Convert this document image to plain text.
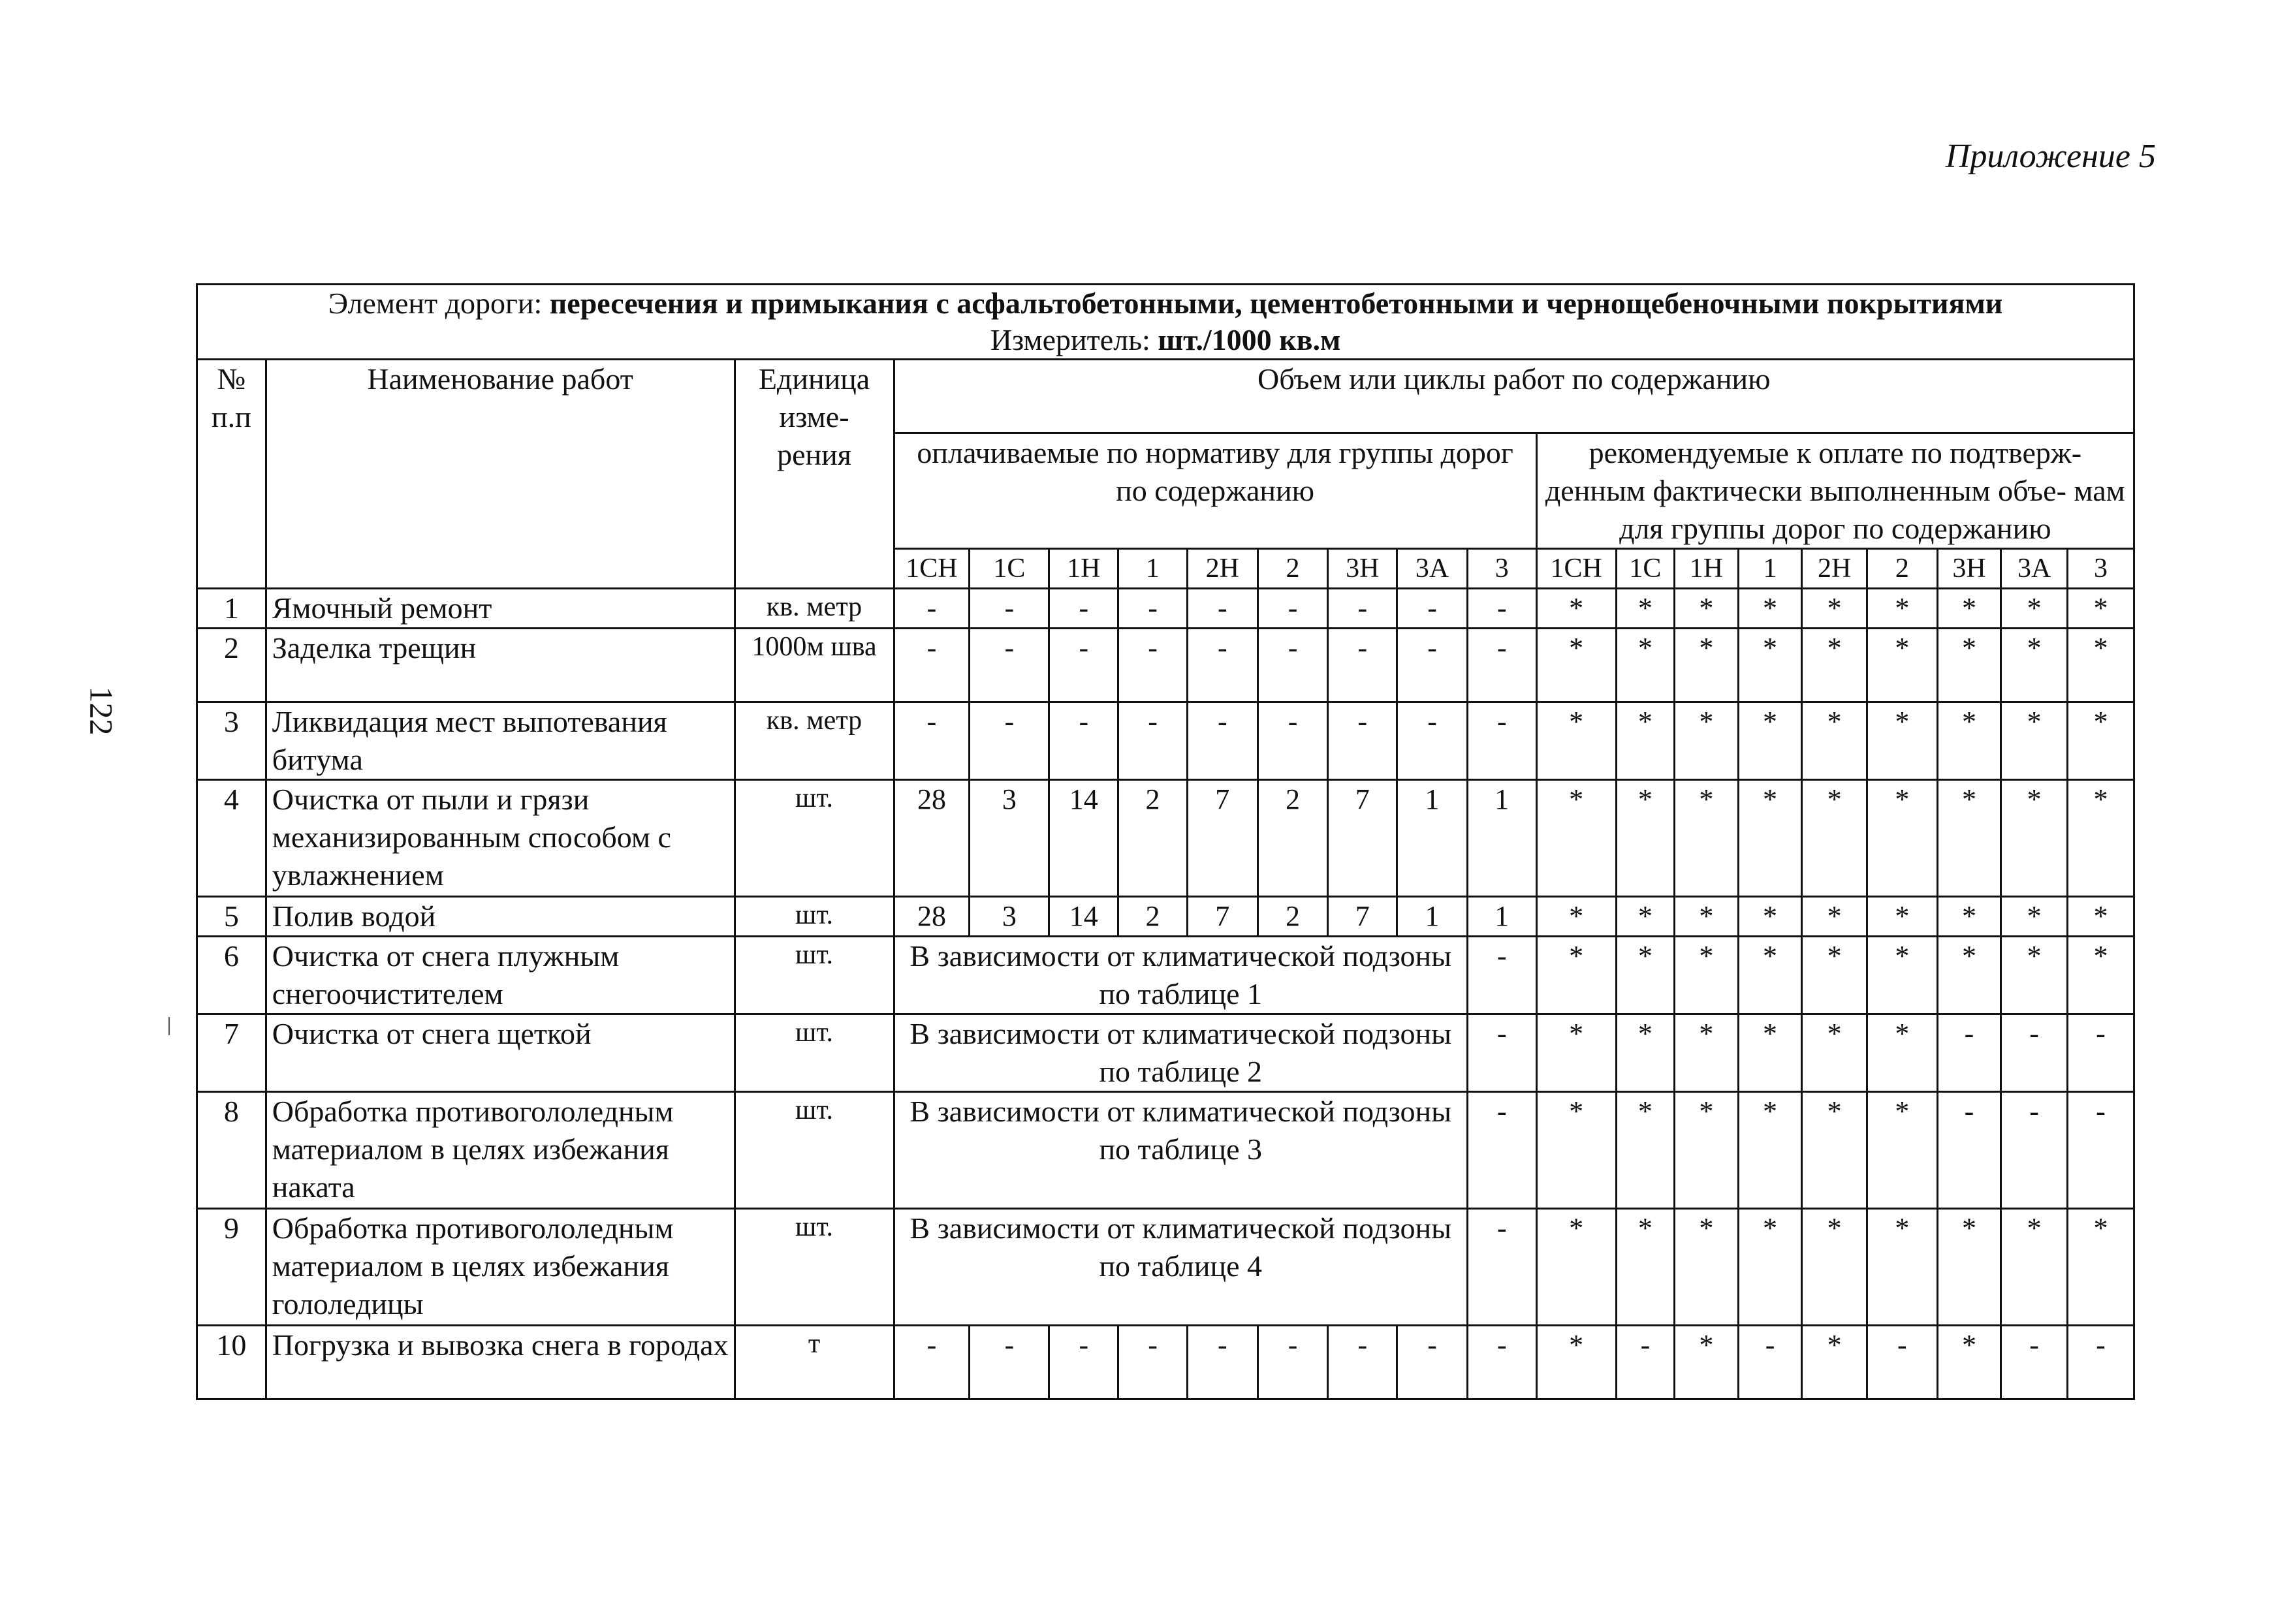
Приложение 5
122
Элемент дороги: пересечения и примыкания с асфальтобетонными, цементобетонными и чернощебеночными покрытиями
Измеритель: шт./1000 кв.м																				

№ п.п	Наименование работ	Единица изме- рения	Объем или циклы работ по содержанию																	
			оплачиваемые по нормативу для группы дорог по содержанию									рекомендуемые к оплате по подтверж- денным фактически выполненным объе- мам для группы дорог по содержанию								
			1СН	1С	1Н	1	2Н	2	3Н	3А	3	1СН	1С	1Н	1	2Н	2	3Н	3А	3
1	Ямочный ремонт	кв. метр	-	-	-	-	-	-	-	-	-	*	*	*	*	*	*	*	*	*
2	Заделка трещин	1000м шва	-	-	-	-	-	-	-	-	-	*	*	*	*	*	*	*	*	*
3	Ликвидация мест выпотевания битума	кв. метр	-	-	-	-	-	-	-	-	-	*	*	*	*	*	*	*	*	*
4	Очистка от пыли и грязи механизированным способом с увлажнением	шт.	28	3	14	2	7	2	7	1	1	*	*	*	*	*	*	*	*	*
5	Полив водой	шт.	28	3	14	2	7	2	7	1	1	*	*	*	*	*	*	*	*	*
6	Очистка от снега плужным снегоочистителем	шт.	В зависимости от климатической подзоны по таблице 1								-	*	*	*	*	*	*	*	*	*
7	Очистка от снега щеткой	шт.	В зависимости от климатической подзоны по таблице 2								-	*	*	*	*	*	*	-	-	-
8	Обработка противогололедным материалом в целях избежания наката	шт.	В зависимости от климатической подзоны по таблице 3								-	*	*	*	*	*	*	-	-	-
9	Обработка противогололедным материалом в целях избежания гололедицы	шт.	В зависимости от климатической подзоны по таблице 4								-	*	*	*	*	*	*	*	*	*
10	Погрузка и вывозка снега в городах	т	-	-	-	-	-	-	-	-	-	*	-	*	-	*	-	*	-	-
